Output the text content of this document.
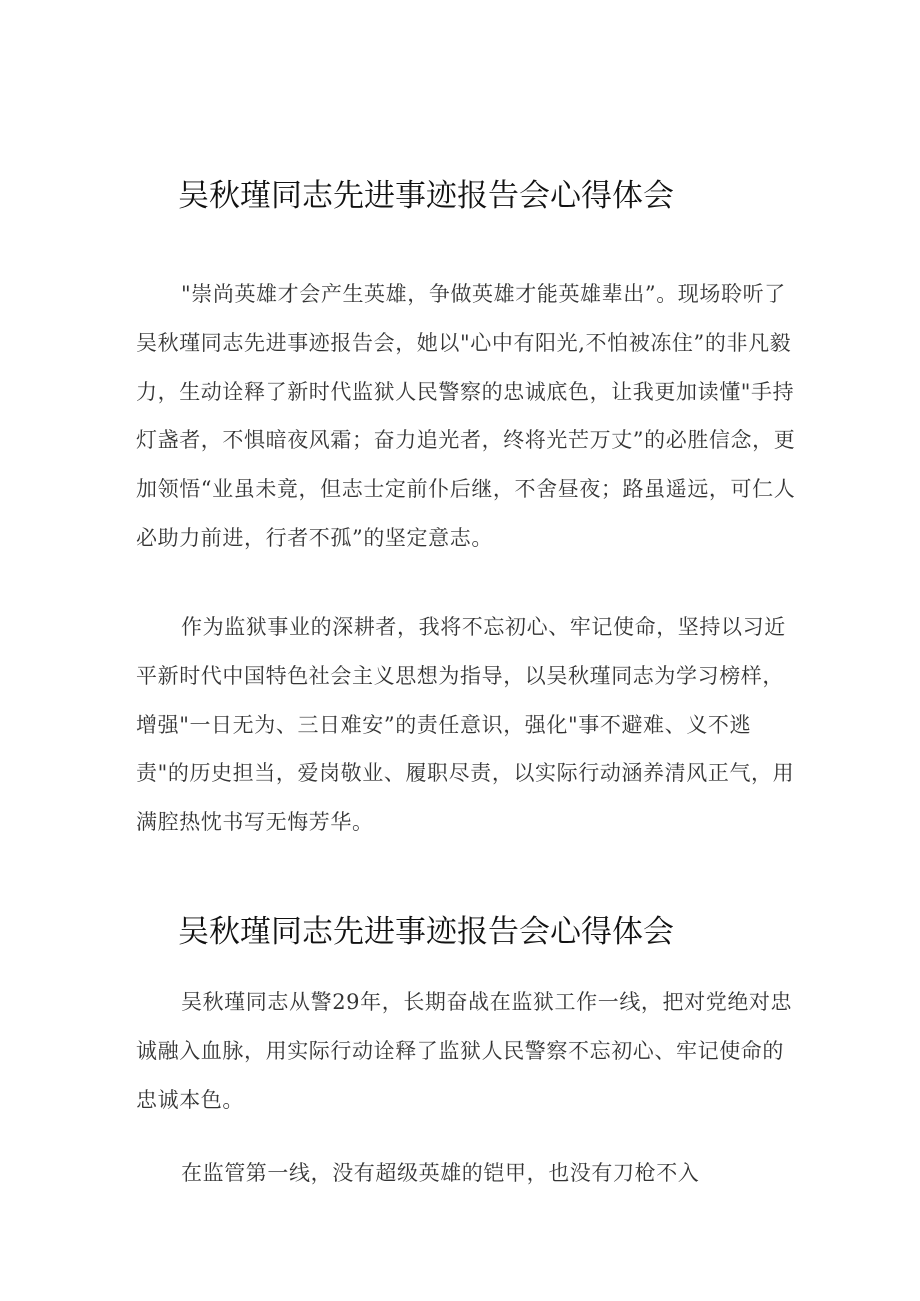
吴秋瑾同志先进事迹报告会心得体会

"崇尚英雄才会产生英雄，争做英雄才能英雄辈出”。现场聆听了吴秋瑾同志先进事迹报告会，她以"心中有阳光,不怕被冻住”的非凡毅力，生动诠释了新时代监狱人民警察的忠诚底色，让我更加读懂"手持灯盏者，不惧暗夜风霜；奋力追光者，终将光芒万丈”的必胜信念，更加领悟“业虽未竟，但志士定前仆后继，不舍昼夜；路虽遥远，可仁人必助力前进，行者不孤”的坚定意志。

作为监狱事业的深耕者，我将不忘初心、牢记使命，坚持以习近平新时代中国特色社会主义思想为指导，以吴秋瑾同志为学习榜样，增强"一日无为、三日难安”的责任意识，强化"事不避难、义不逃责"的历史担当，爱岗敬业、履职尽责，以实际行动涵养清风正气，用满腔热忱书写无悔芳华。

吴秋瑾同志先进事迹报告会心得体会

吴秋瑾同志从警29年，长期奋战在监狱工作一线，把对党绝对忠诚融入血脉，用实际行动诠释了监狱人民警察不忘初心、牢记使命的忠诚本色。

在监管第一线，没有超级英雄的铠甲，也没有刀枪不入
